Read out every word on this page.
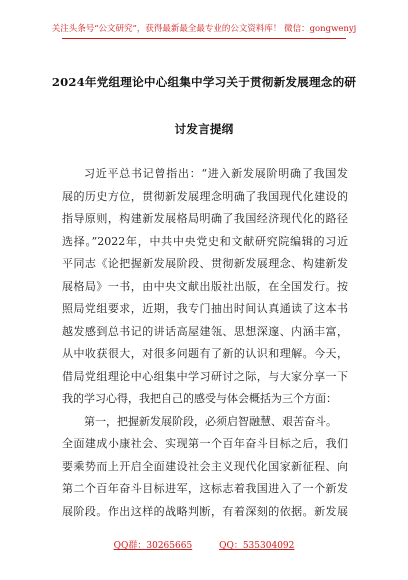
关注头条号“公文研究”，获得最新最全最专业的公文资料库！ 微信：gongwenyj
2024年党组理论中心组集中学习关于贯彻新发展理念的研
讨发言提纲
习近平总书记曾指出：“进入新发展阶明确了我国发
展的历史方位，贯彻新发展理念明确了我国现代化建设的
指导原则，构建新发展格局明确了我国经济现代化的路径
选择。”2022年，中共中央党史和文献研究院编辑的习近
平同志《论把握新发展阶段、贯彻新发展理念、构建新发
展格局》一书，由中央文献出版社出版，在全国发行。按
照局党组要求，近期，我专门抽出时间认真通读了这本书
越发感到总书记的讲话高屋建瓴、思想深邃、内涵丰富，
从中收获很大，对很多问题有了新的认识和理解。今天，
借局党组理论中心组集中学习研讨之际，与大家分享一下
我的学习心得，我把自己的感受与体会概括为三个方面：
第一，把握新发展阶段，必须启智融慧、艰苦奋斗。
全面建成小康社会、实现第一个百年奋斗目标之后，我们
要乘势而上开启全面建设社会主义现代化国家新征程、向
第二个百年奋斗目标进军，这标志着我国进入了一个新发
展阶段。作出这样的战略判断，有着深刻的依据。新发展
QQ群：30265665	QQ：535304092
